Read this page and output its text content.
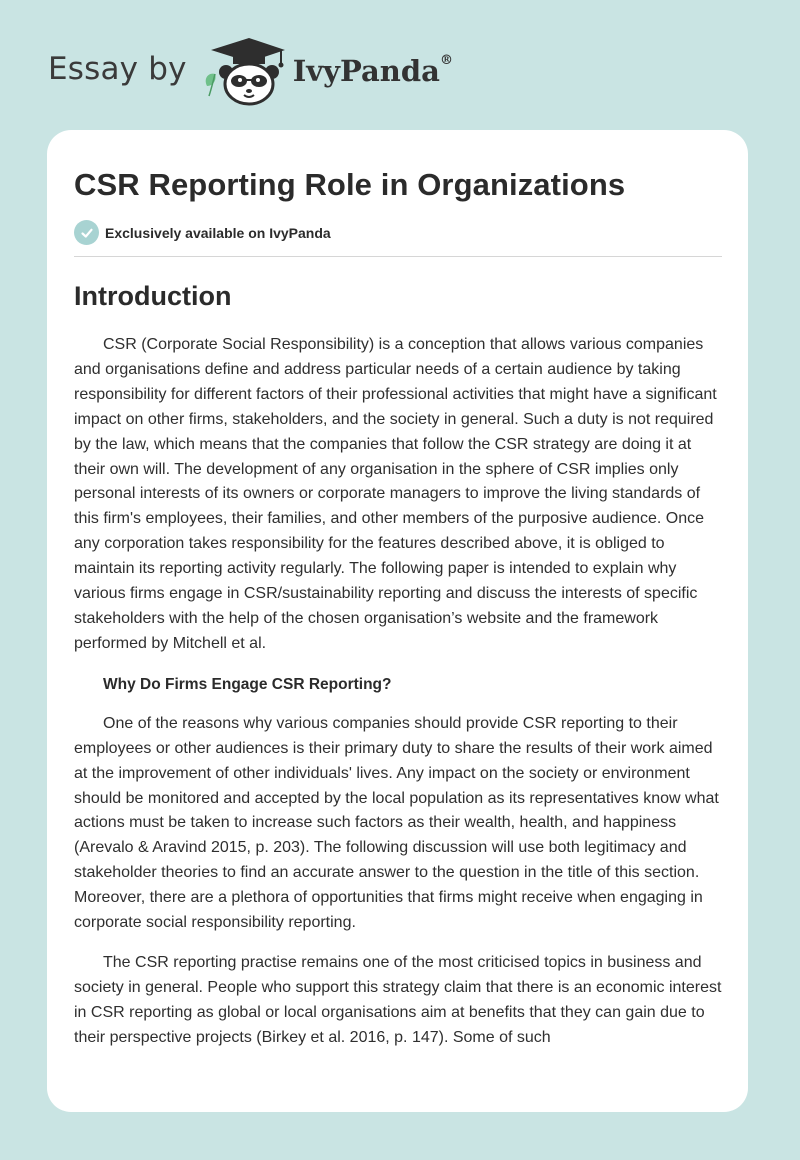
Essay by	IvyPanda®
CSR Reporting Role in Organizations
Exclusively available on IvyPanda
Introduction

CSR (Corporate Social Responsibility) is a conception that allows various companies and organisations define and address particular needs of a certain audience by taking responsibility for different factors of their professional activities that might have a significant impact on other firms, stakeholders, and the society in general. Such a duty is not required by the law, which means that the companies that follow the CSR strategy are doing it at their own will. The development of any organisation in the sphere of CSR implies only personal interests of its owners or corporate managers to improve the living standards of this firm's employees, their families, and other members of the purposive audience. Once any corporation takes responsibility for the features described above, it is obliged to maintain its reporting activity regularly. The following paper is intended to explain why various firms engage in CSR/sustainability reporting and discuss the interests of specific stakeholders with the help of the chosen organisation’s website and the framework performed by Mitchell et al.

Why Do Firms Engage CSR Reporting?

One of the reasons why various companies should provide CSR reporting to their employees or other audiences is their primary duty to share the results of their work aimed at the improvement of other individuals' lives. Any impact on the society or environment should be monitored and accepted by the local population as its representatives know what actions must be taken to increase such factors as their wealth, health, and happiness (Arevalo & Aravind 2015, p. 203). The following discussion will use both legitimacy and stakeholder theories to find an accurate answer to the question in the title of this section. Moreover, there are a plethora of opportunities that firms might receive when engaging in corporate social responsibility reporting.

The CSR reporting practise remains one of the most criticised topics in business and society in general. People who support this strategy claim that there is an economic interest in CSR reporting as global or local organisations aim at benefits that they can gain due to their perspective projects (Birkey et al. 2016, p. 147). Some of such
